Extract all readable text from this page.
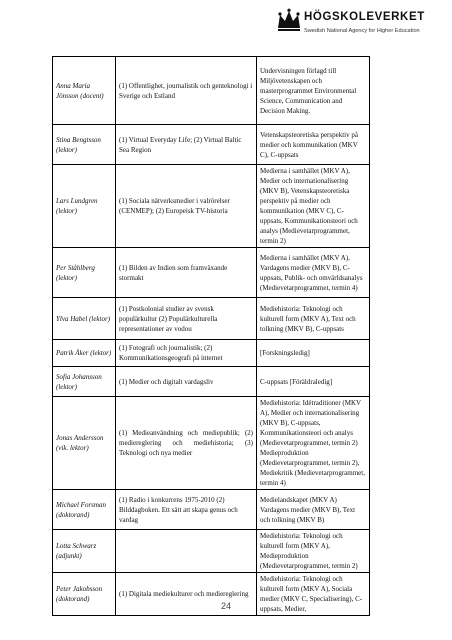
HÖGSKOLEVERKET
Swedish National Agency for Higher Education
Anna Maria Jönsson (docent)	(1) Offentlighet, journalistik och genteknologi i Sverige och Estland	Undervisningen förlagd till Miljövetenskapen och masterprogrammet Environmental Science, Communication and Decision Making.
Stina Bengtsson (lektor)	(1) Virtual Everyday Life; (2) Virtual Baltic Sea Region	Vetenskapsteoretiska perspektiv på medier och kommunikation (MKV C), C-uppsats
Lars Lundgren (lektor)	(1) Sociala nätverksmedier i valrörelser (CENMEP); (2) Europeisk TV-historia	Medierna i samhället (MKV A), Medier och internationalisering (MKV B), Vetenskapsteoretiska perspektiv på medier och kommunikation (MKV C), C-uppsats, Kommunikationsteori och analys (Medievetarprogrammet, termin 2)
Per Ståhlberg (lektor)	(1) Bilden av Indien som framväxande stormakt	Medierna i samhället (MKV A), Vardagens medier (MKV B), C-uppsats, Publik- och omvärldsanalys (Medievetarprogrammet, termin 4)
Ylva Habel (lektor)	(1) Postkolonial studier av svensk populärkultur (2) Populärkulturella representationer av vodou	Mediehistoria: Teknologi och kulturell form (MKV A), Text och tolkning (MKV B), C-uppsats
Patrik Åker (lektor)	(1) Fotografi och journalistik; (2) Kommunikationsgeografi på internet	[Forskningsledig]
Sofia Johansson (lektor)	(1) Medier och digitalt vardagsliv	C-uppsats [Föräldraledig]
Jonas Andersson (vik. lektor)	(1) Medieanvändning och mediepublik; (2) mediereglering och mediehistoria; (3) Teknologi och nya medier	Mediehistoria: Idétraditioner (MKV A), Medier och internationalisering (MKV B), C-uppsats, Kommunikationsteori och analys (Medievetarprogrammet, termin 2) Medieproduktion (Medievetarprogrammet, termin 2), Mediekritik (Medievetarprogrammet, termin 4)
Michael Forsman (doktorand)	(1) Radio i konkurrens 1975-2010 (2) Bilddagboken. Ett sätt att skapa genus och vardag	Medielandskapet (MKV A) Vardagens medier (MKV B), Text och tolkning (MKV B)
Lotta Schwarz (adjunkt)		Mediehistoria: Teknologi och kulturell form (MKV A), Medieproduktion (Medievetarprogrammet, termin 2)
Peter Jakobsson (doktorand)	(1) Digitala mediekulturer och mediereglering	Mediehistoria: Teknologi och kulturell form (MKV A), Sociala medier (MKV C, Specialisering), C-uppsats, Medier,
24
